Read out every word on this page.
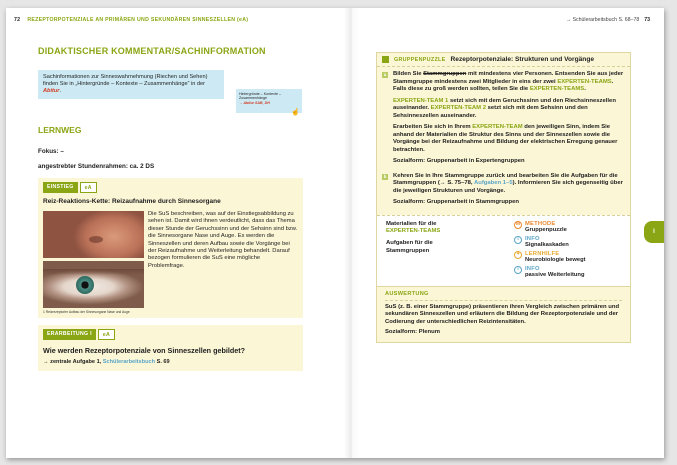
72 REZEPTORPOTENZIALE AN PRIMÄREN UND SEKUNDÄREN SINNESZELLEN (eA)	→ Schülerarbeitsbuch S. 68–78 73
DIDAKTISCHER KOMMENTAR/SACHINFORMATION
Sachinformationen zur Sinneswahrnehmung (Riechen und Sehen) finden Sie in „Hintergründe – Kontexte – Zusammenhänge“ in der Abitur.	Hintergründe – Kontexte –
Zusammenhänge
→ Abitur SAB_DH
☝
LERNWEG
Fokus: –
angestrebter Stundenrahmen: ca. 2 DS
EINSTIEG	eA
Reiz-Reaktions-Kette: Reizaufnahme durch Sinnesorgane
1 Reizrezeptorier Aufbau der Sinnesorgane Nase und Auge
Die SuS beschreiben, was auf der Einstiegsabbildung zu sehen ist. Damit wird ihnen verdeutlicht, dass das Thema dieser Stunde der Geruchssinn und der Sehsinn sind bzw. die Sinnesorgane Nase und Auge. Es werden die Sinneszellen und deren Aufbau sowie die Vorgänge bei der Reizaufnahme und Weiterleitung behandelt. Darauf bezogen formulieren die SuS eine mögliche Problemfrage.
ERARBEITUNG I	eA
Wie werden Rezeptorpotenziale von Sinneszellen gebildet?
→ zentrale Aufgabe 1, Schülerarbeitsbuch S. 69
GRUPPENPUZZLE Rezeptorpotenziale: Strukturen und Vorgänge
a	Bilden Sie Stammgruppen mit mindestens vier Personen. Entsenden Sie aus jeder Stammgruppe mindestens zwei Mitglieder in eins der zwei EXPERTEN-TEAMS. Falls diese zu groß werden sollten, teilen Sie die EXPERTEN-TEAMS.

EXPERTEN-TEAM 1 setzt sich mit dem Geruchssinn und den Riechsinneszellen auseinander. EXPERTEN-TEAM 2 setzt sich mit dem Sehsinn und den Sehsinneszellen auseinander.

Erarbeiten Sie sich in Ihrem EXPERTEN-TEAM den jeweiligen Sinn, indem Sie anhand der Materialien die Struktur des Sinns und der Sinneszellen sowie die Vorgänge bei der Reizaufnahme und Bildung der elektrischen Erregung genauer betrachten.

Sozialform: Gruppenarbeit in Expertengruppen

b Kehren Sie in Ihre Stammgruppe zurück und bearbeiten Sie die Aufgaben für die Stammgruppen (→ S. 75–78, Aufgaben 1–5). Informieren Sie sich gegenseitig über die jeweiligen Strukturen und Vorgänge.

Sozialform: Gruppenarbeit in Stammgruppen

Materialien für die
EXPERTEN-TEAMS
Aufgaben für die
Stammgruppen
M METHODE
Gruppenpuzzle
i	INFO
Signalkaskaden
✦ LERNHILFE
Neurobiologie bewegt
i	INFO
passive Weiterleitung
AUSWERTUNG
SuS (z. B. einer Stammgruppe) präsentieren ihren Vergleich zwischen primären und sekundären Sinneszellen und erläutern die Bildung der Rezeptorpotenziale und der Codierung der unterschiedlichen Reizintensitäten.
Sozialform: Plenum
I
